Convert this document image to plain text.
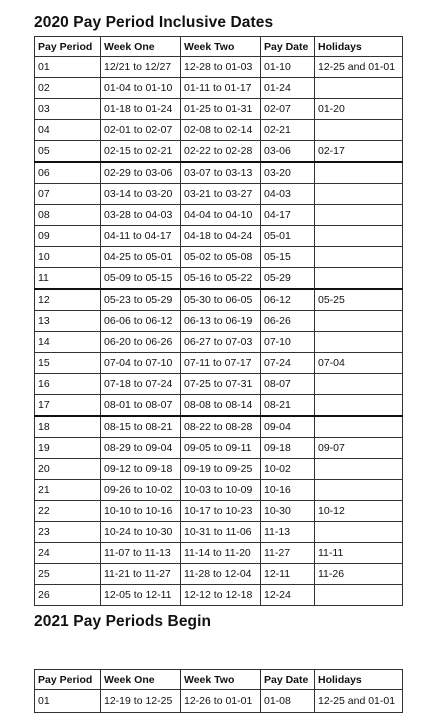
2020 Pay Period Inclusive Dates
Pay Period	Week One	Week Two	Pay Date	Holidays
01	12/21 to 12/27	12-28 to 01-03	01-10	12-25 and 01-01
02	01-04 to 01-10	01-11 to 01-17	01-24	
03	01-18 to 01-24	01-25 to 01-31	02-07	01-20
04	02-01 to 02-07	02-08 to 02-14	02-21	
05	02-15 to 02-21	02-22 to 02-28	03-06	02-17
06	02-29 to 03-06	03-07 to 03-13	03-20	
07	03-14 to 03-20	03-21 to 03-27	04-03	
08	03-28 to 04-03	04-04 to 04-10	04-17	
09	04-11 to 04-17	04-18 to 04-24	05-01	
10	04-25 to 05-01	05-02 to 05-08	05-15	
11	05-09 to 05-15	05-16 to 05-22	05-29	
12	05-23 to 05-29	05-30 to 06-05	06-12	05-25
13	06-06 to 06-12	06-13 to 06-19	06-26	
14	06-20 to 06-26	06-27 to 07-03	07-10	
15	07-04 to 07-10	07-11 to 07-17	07-24	07-04
16	07-18 to 07-24	07-25 to 07-31	08-07	
17	08-01 to 08-07	08-08 to 08-14	08-21	
18	08-15 to 08-21	08-22 to 08-28	09-04	
19	08-29 to 09-04	09-05 to 09-11	09-18	09-07
20	09-12 to 09-18	09-19 to 09-25	10-02	
21	09-26 to 10-02	10-03 to 10-09	10-16	
22	10-10 to 10-16	10-17 to 10-23	10-30	10-12
23	10-24 to 10-30	10-31 to 11-06	11-13	
24	11-07 to 11-13	11-14 to 11-20	11-27	11-11
25	11-21 to 11-27	11-28 to 12-04	12-11	11-26
26	12-05 to 12-11	12-12 to 12-18	12-24	
2021 Pay Periods Begin
Pay Period	Week One	Week Two	Pay Date	Holidays
01	12-19 to 12-25	12-26 to 01-01	01-08	12-25 and 01-01
